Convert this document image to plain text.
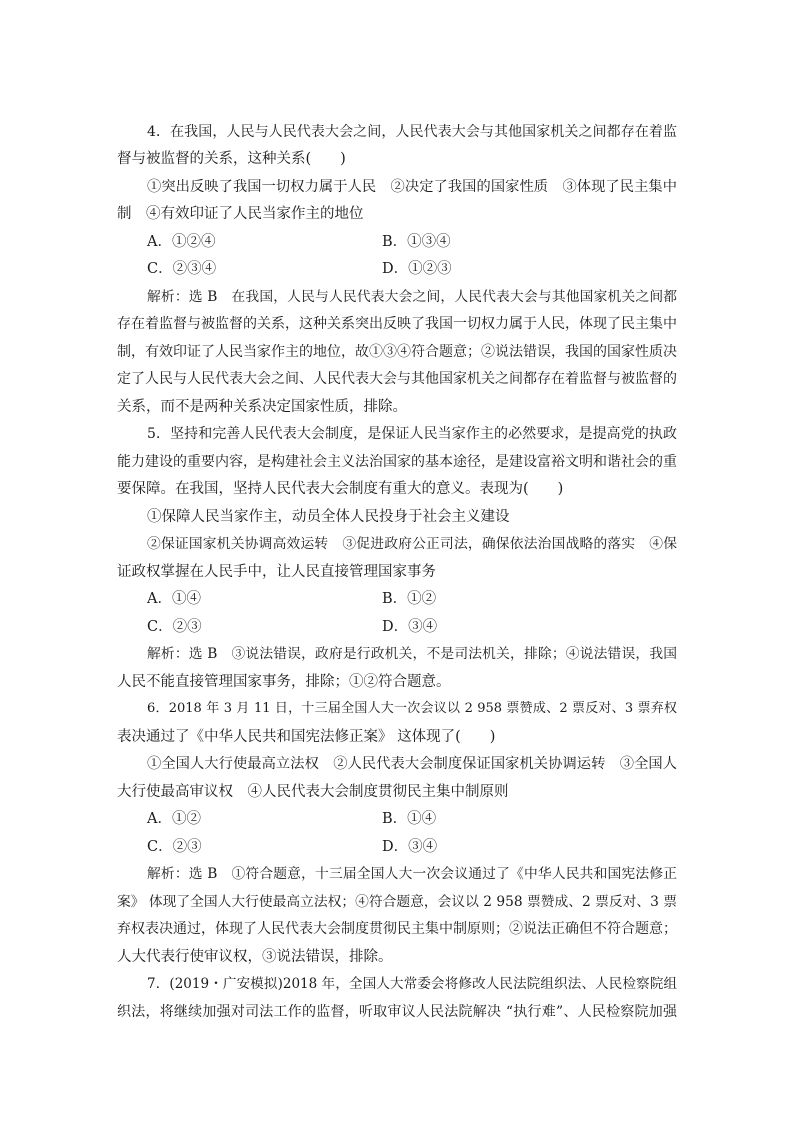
4．在我国，人民与人民代表大会之间，人民代表大会与其他国家机关之间都存在着监
督与被监督的关系，这种关系(　　)
①突出反映了我国一切权力属于人民　②决定了我国的国家性质　③体现了民主集中
制　④有效印证了人民当家作主的地位
A．①②④	B．①③④
C．②③④	D．①②③
解析：选 B　在我国，人民与人民代表大会之间，人民代表大会与其他国家机关之间都
存在着监督与被监督的关系，这种关系突出反映了我国一切权力属于人民，体现了民主集中
制，有效印证了人民当家作主的地位，故①③④符合题意；②说法错误，我国的国家性质决
定了人民与人民代表大会之间、人民代表大会与其他国家机关之间都存在着监督与被监督的
关系，而不是两种关系决定国家性质，排除。
5．坚持和完善人民代表大会制度，是保证人民当家作主的必然要求，是提高党的执政
能力建设的重要内容，是构建社会主义法治国家的基本途径，是建设富裕文明和谐社会的重
要保障。在我国，坚持人民代表大会制度有重大的意义。表现为(　　)
①保障人民当家作主，动员全体人民投身于社会主义建设
②保证国家机关协调高效运转　③促进政府公正司法，确保依法治国战略的落实　④保
证政权掌握在人民手中，让人民直接管理国家事务
A．①④	B．①②
C．②③	D．③④
解析：选 B　③说法错误，政府是行政机关，不是司法机关，排除；④说法错误，我国
人民不能直接管理国家事务，排除；①②符合题意。
6．2018 年 3 月 11 日，十三届全国人大一次会议以 2 958 票赞成、2 票反对、3 票弃权
表决通过了《中华人民共和国宪法修正案》 这体现了(　　)
①全国人大行使最高立法权　②人民代表大会制度保证国家机关协调运转　③全国人
大行使最高审议权　④人民代表大会制度贯彻民主集中制原则
A．①②	B．①④
C．②③	D．③④
解析：选 B　①符合题意，十三届全国人大一次会议通过了《中华人民共和国宪法修正
案》 体现了全国人大行使最高立法权；④符合题意，会议以 2 958 票赞成、2 票反对、3 票
弃权表决通过，体现了人民代表大会制度贯彻民主集中制原则；②说法正确但不符合题意；
人大代表行使审议权，③说法错误，排除。
7．(2019・广安模拟)2018 年，全国人大常委会将修改人民法院组织法、人民检察院组
织法，将继续加强对司法工作的监督，听取审议人民法院解决 “执行难”、人民检察院加强
